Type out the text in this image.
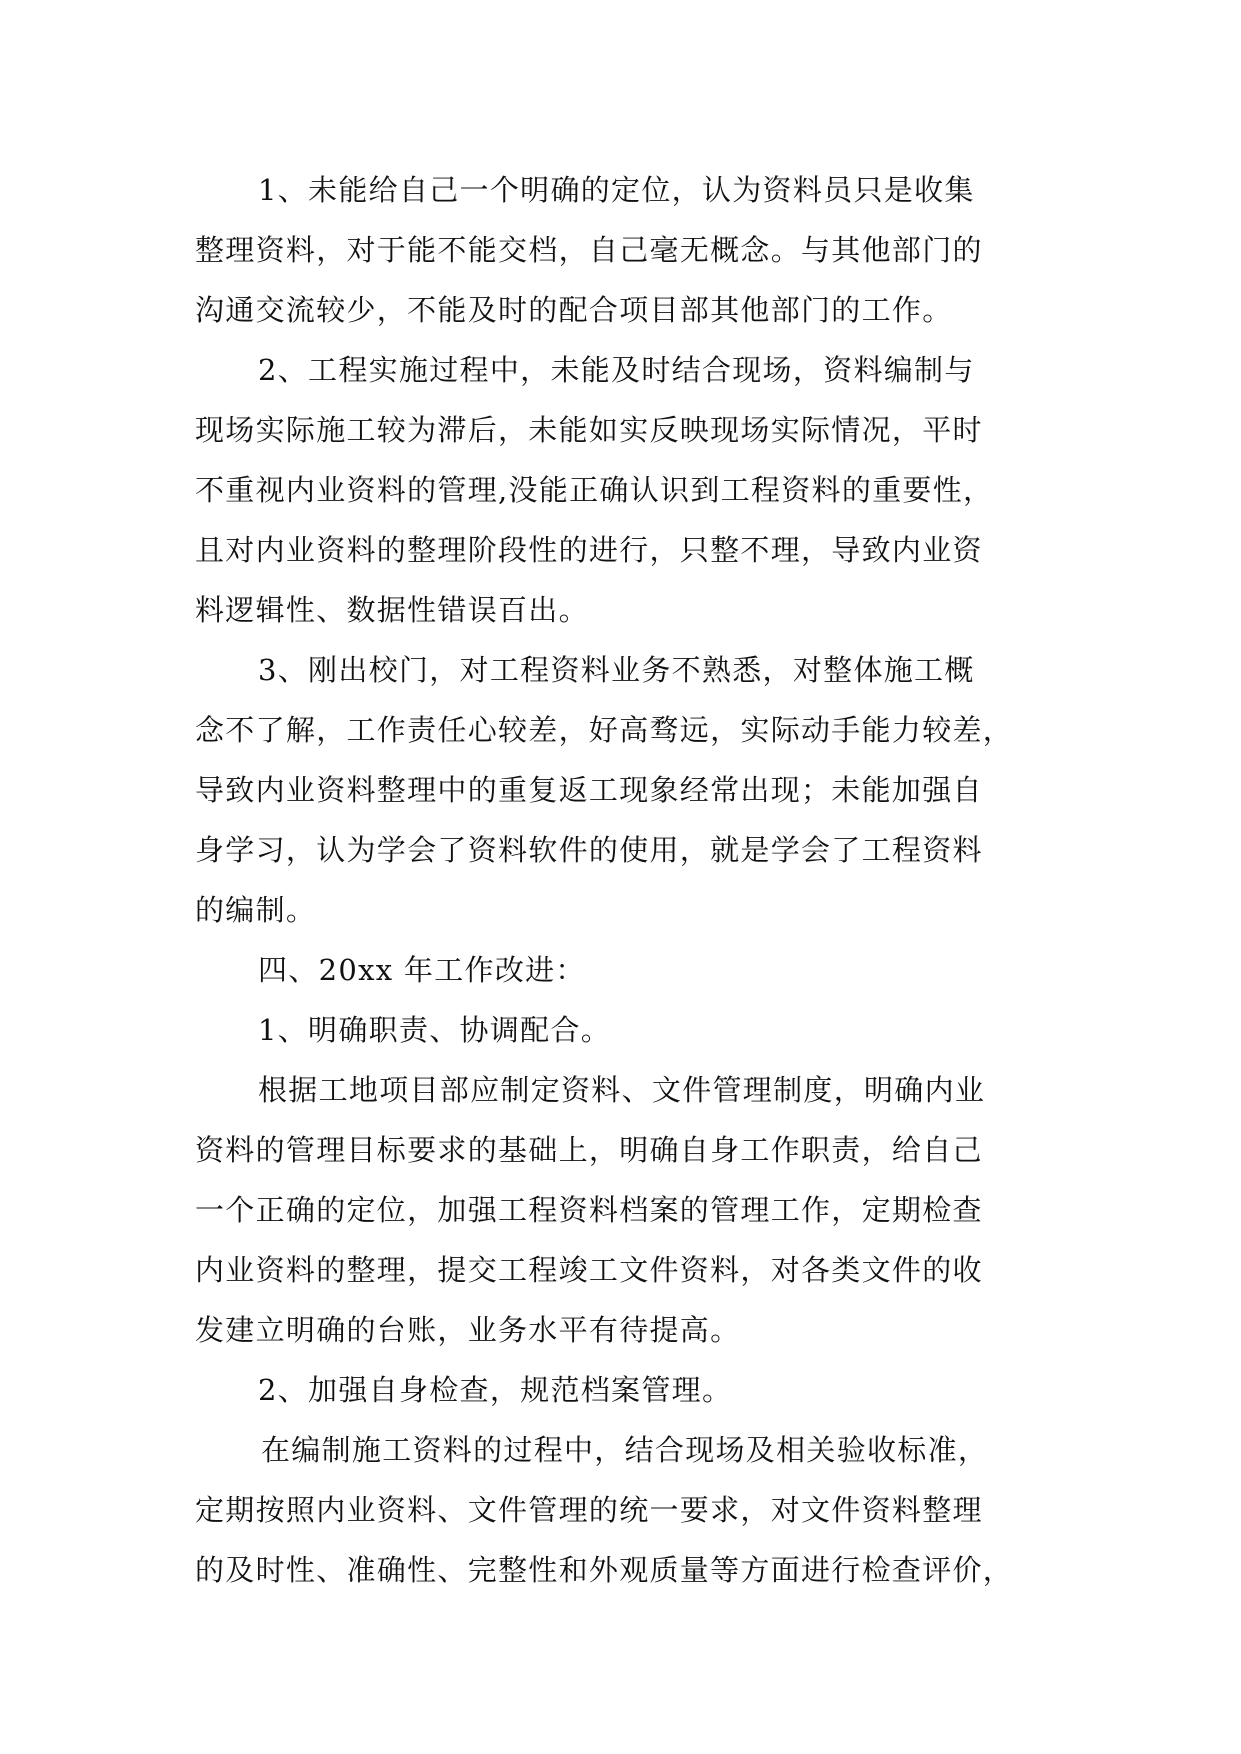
1、未能给自己一个明确的定位，认为资料员只是收集
整理资料，对于能不能交档，自己毫无概念。与其他部门的
沟通交流较少，不能及时的配合项目部其他部门的工作。
2、工程实施过程中，未能及时结合现场，资料编制与
现场实际施工较为滞后，未能如实反映现场实际情况，平时
不重视内业资料的管理,没能正确认识到工程资料的重要性，
且对内业资料的整理阶段性的进行，只整不理，导致内业资
料逻辑性、数据性错误百出。
3、刚出校门，对工程资料业务不熟悉，对整体施工概
念不了解，工作责任心较差，好高骛远，实际动手能力较差，
导致内业资料整理中的重复返工现象经常出现；未能加强自
身学习，认为学会了资料软件的使用，就是学会了工程资料
的编制。
四、20xx 年工作改进：
1、明确职责、协调配合。
根据工地项目部应制定资料、文件管理制度，明确内业
资料的管理目标要求的基础上，明确自身工作职责，给自己
一个正确的定位，加强工程资料档案的管理工作，定期检查
内业资料的整理，提交工程竣工文件资料，对各类文件的收
发建立明确的台账，业务水平有待提高。
2、加强自身检查，规范档案管理。
在编制施工资料的过程中，结合现场及相关验收标准，
定期按照内业资料、文件管理的统一要求，对文件资料整理
的及时性、准确性、完整性和外观质量等方面进行检查评价，
